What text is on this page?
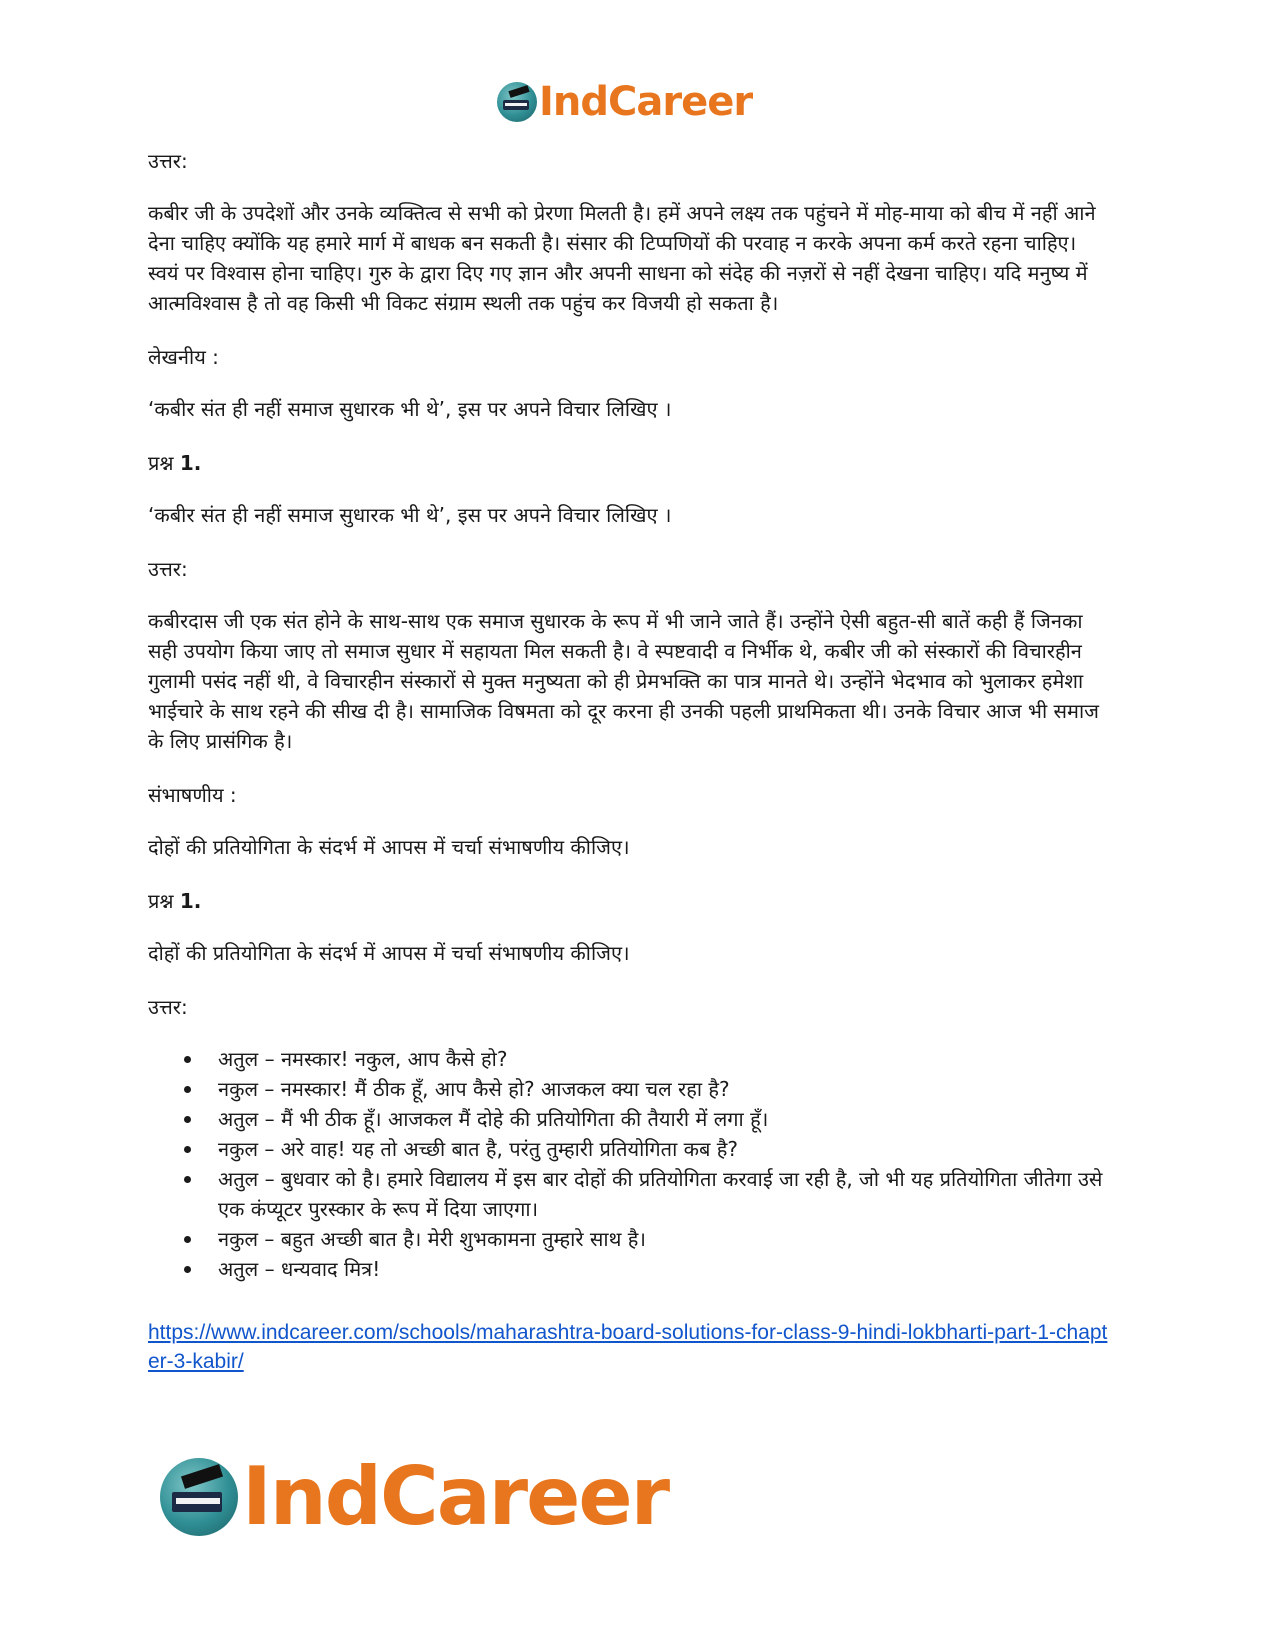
IndCareer

उत्तर:

कबीर जी के उपदेशों और उनके व्यक्तित्व से सभी को प्रेरणा मिलती है। हमें अपने लक्ष्य तक पहुंचने में मोह-माया को बीच में नहीं आने देना चाहिए क्योंकि यह हमारे मार्ग में बाधक बन सकती है। संसार की टिप्पणियों की परवाह न करके अपना कर्म करते रहना चाहिए। स्वयं पर विश्वास होना चाहिए। गुरु के द्वारा दिए गए ज्ञान और अपनी साधना को संदेह की नज़रों से नहीं देखना चाहिए। यदि मनुष्य में आत्मविश्वास है तो वह किसी भी विकट संग्राम स्थली तक पहुंच कर विजयी हो सकता है।

लेखनीय :

‘कबीर संत ही नहीं समाज सुधारक भी थे’, इस पर अपने विचार लिखिए ।

प्रश्न 1.

‘कबीर संत ही नहीं समाज सुधारक भी थे’, इस पर अपने विचार लिखिए ।

उत्तर:

कबीरदास जी एक संत होने के साथ-साथ एक समाज सुधारक के रूप में भी जाने जाते हैं। उन्होंने ऐसी बहुत-सी बातें कही हैं जिनका सही उपयोग किया जाए तो समाज सुधार में सहायता मिल सकती है। वे स्पष्टवादी व निर्भीक थे, कबीर जी को संस्कारों की विचारहीन गुलामी पसंद नहीं थी, वे विचारहीन संस्कारों से मुक्त मनुष्यता को ही प्रेमभक्ति का पात्र मानते थे। उन्होंने भेदभाव को भुलाकर हमेशा भाईचारे के साथ रहने की सीख दी है। सामाजिक विषमता को दूर करना ही उनकी पहली प्राथमिकता थी। उनके विचार आज भी समाज के लिए प्रासंगिक है।

संभाषणीय :

दोहों की प्रतियोगिता के संदर्भ में आपस में चर्चा संभाषणीय कीजिए।

प्रश्न 1.

दोहों की प्रतियोगिता के संदर्भ में आपस में चर्चा संभाषणीय कीजिए।

उत्तर:

अतुल – नमस्कार! नकुल, आप कैसे हो?
नकुल – नमस्कार! मैं ठीक हूँ, आप कैसे हो? आजकल क्या चल रहा है?
अतुल – मैं भी ठीक हूँ। आजकल मैं दोहे की प्रतियोगिता की तैयारी में लगा हूँ।
नकुल – अरे वाह! यह तो अच्छी बात है, परंतु तुम्हारी प्रतियोगिता कब है?
अतुल – बुधवार को है। हमारे विद्यालय में इस बार दोहों की प्रतियोगिता करवाई जा रही है, जो भी यह प्रतियोगिता जीतेगा उसे एक कंप्यूटर पुरस्कार के रूप में दिया जाएगा।
नकुल – बहुत अच्छी बात है। मेरी शुभकामना तुम्हारे साथ है।
अतुल – धन्यवाद मित्र!
https://www.indcareer.com/schools/maharashtra-board-solutions-for-class-9-hindi-lokbharti-part-1-chapter-3-kabir/
IndCareer
